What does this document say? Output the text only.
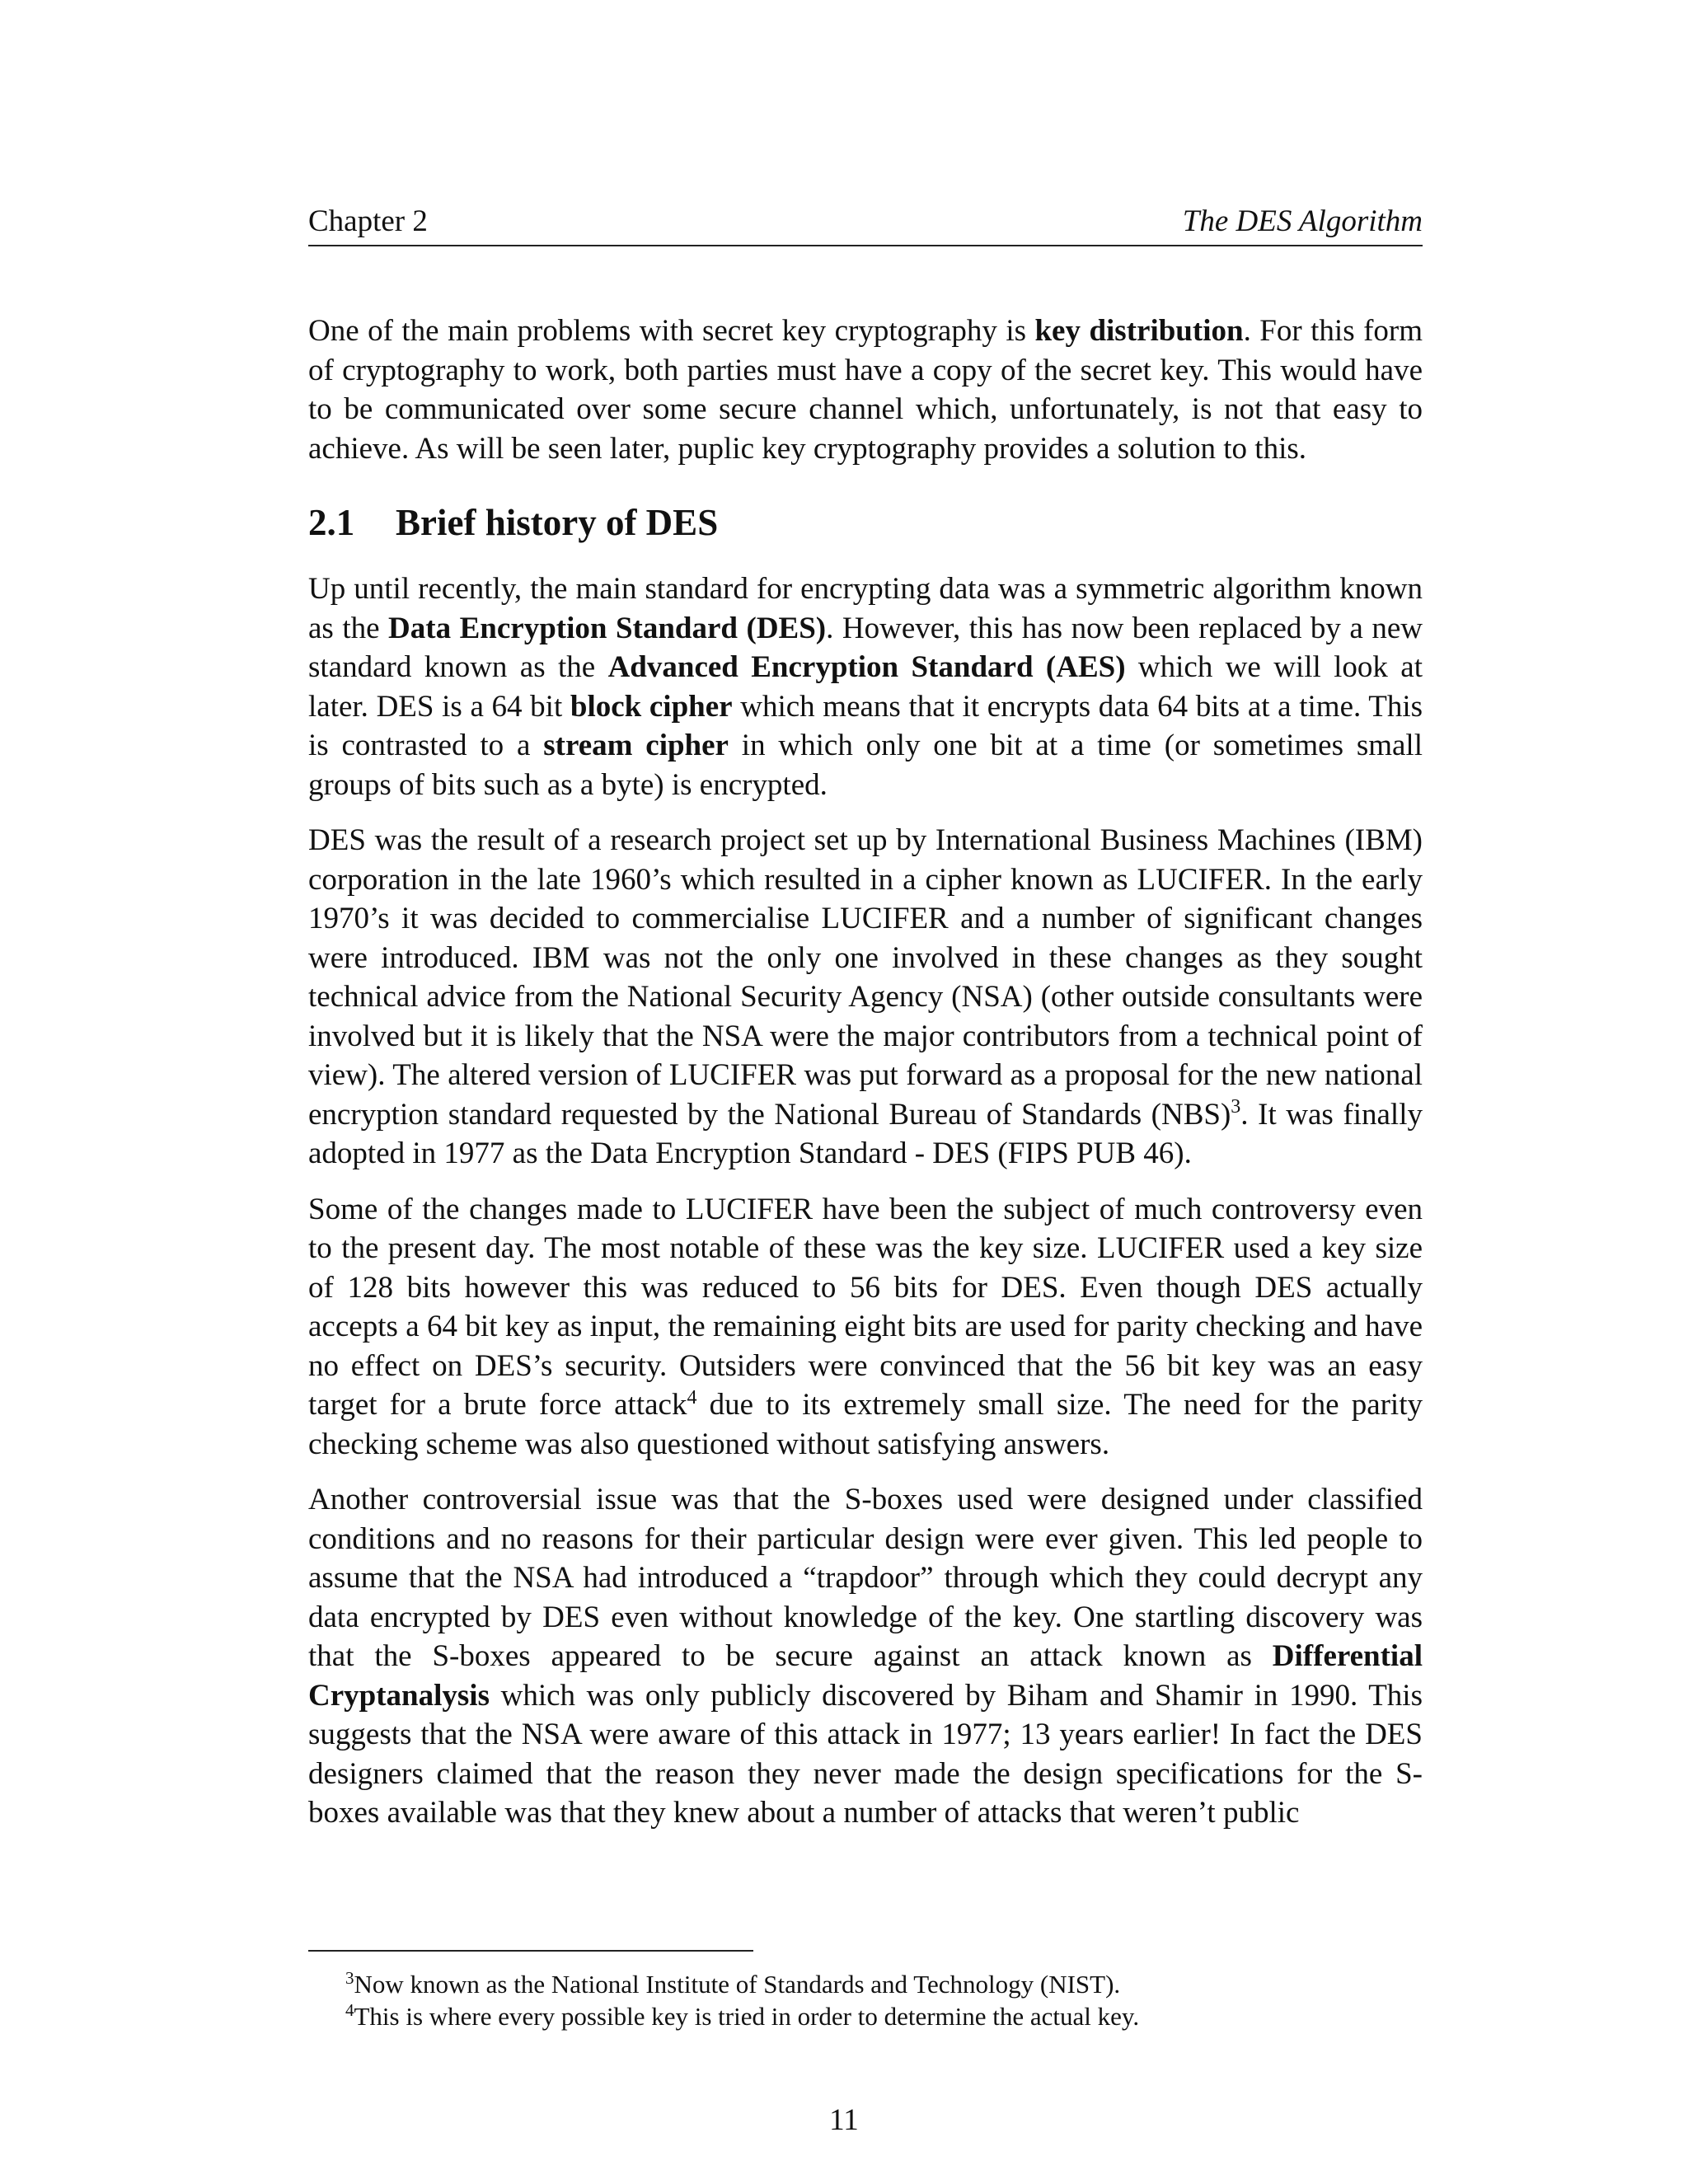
Chapter 2	The DES Algorithm

One of the main problems with secret key cryptography is key distribution. For this form of cryptography to work, both parties must have a copy of the secret key. This would have to be communicated over some secure channel which, unfortunately, is not that easy to achieve. As will be seen later, puplic key cryptography provides a solution to this.

2.1 Brief history of DES

Up until recently, the main standard for encrypting data was a symmetric algorithm known as the Data Encryption Standard (DES). However, this has now been replaced by a new standard known as the Advanced Encryption Standard (AES) which we will look at later. DES is a 64 bit block cipher which means that it encrypts data 64 bits at a time. This is contrasted to a stream cipher in which only one bit at a time (or sometimes small groups of bits such as a byte) is encrypted.

DES was the result of a research project set up by International Business Machines (IBM) corporation in the late 1960’s which resulted in a cipher known as LUCIFER. In the early 1970’s it was decided to commercialise LUCIFER and a number of significant changes were introduced. IBM was not the only one involved in these changes as they sought technical advice from the National Security Agency (NSA) (other outside consultants were involved but it is likely that the NSA were the major contributors from a technical point of view). The altered version of LUCIFER was put forward as a proposal for the new national encryption standard requested by the National Bureau of Standards (NBS)$^3$. It was finally adopted in 1977 as the Data Encryption Standard - DES (FIPS PUB 46).

Some of the changes made to LUCIFER have been the subject of much controversy even to the present day. The most notable of these was the key size. LUCIFER used a key size of 128 bits however this was reduced to 56 bits for DES. Even though DES actually accepts a 64 bit key as input, the remaining eight bits are used for parity checking and have no effect on DES’s security. Outsiders were convinced that the 56 bit key was an easy target for a brute force attack$^4$ due to its extremely small size. The need for the parity checking scheme was also questioned without satisfying answers.

Another controversial issue was that the S-boxes used were designed under classified conditions and no reasons for their particular design were ever given. This led people to assume that the NSA had introduced a “trapdoor” through which they could decrypt any data encrypted by DES even without knowledge of the key. One startling discovery was that the S-boxes appeared to be secure against an attack known as Differential Cryptanalysis which was only publicly discovered by Biham and Shamir in 1990. This suggests that the NSA were aware of this attack in 1977; 13 years earlier! In fact the DES designers claimed that the reason they never made the design specifications for the S-boxes available was that they knew about a number of attacks that weren’t public

$^3$Now known as the National Institute of Standards and Technology (NIST).
$^4$This is where every possible key is tried in order to determine the actual key.
11
